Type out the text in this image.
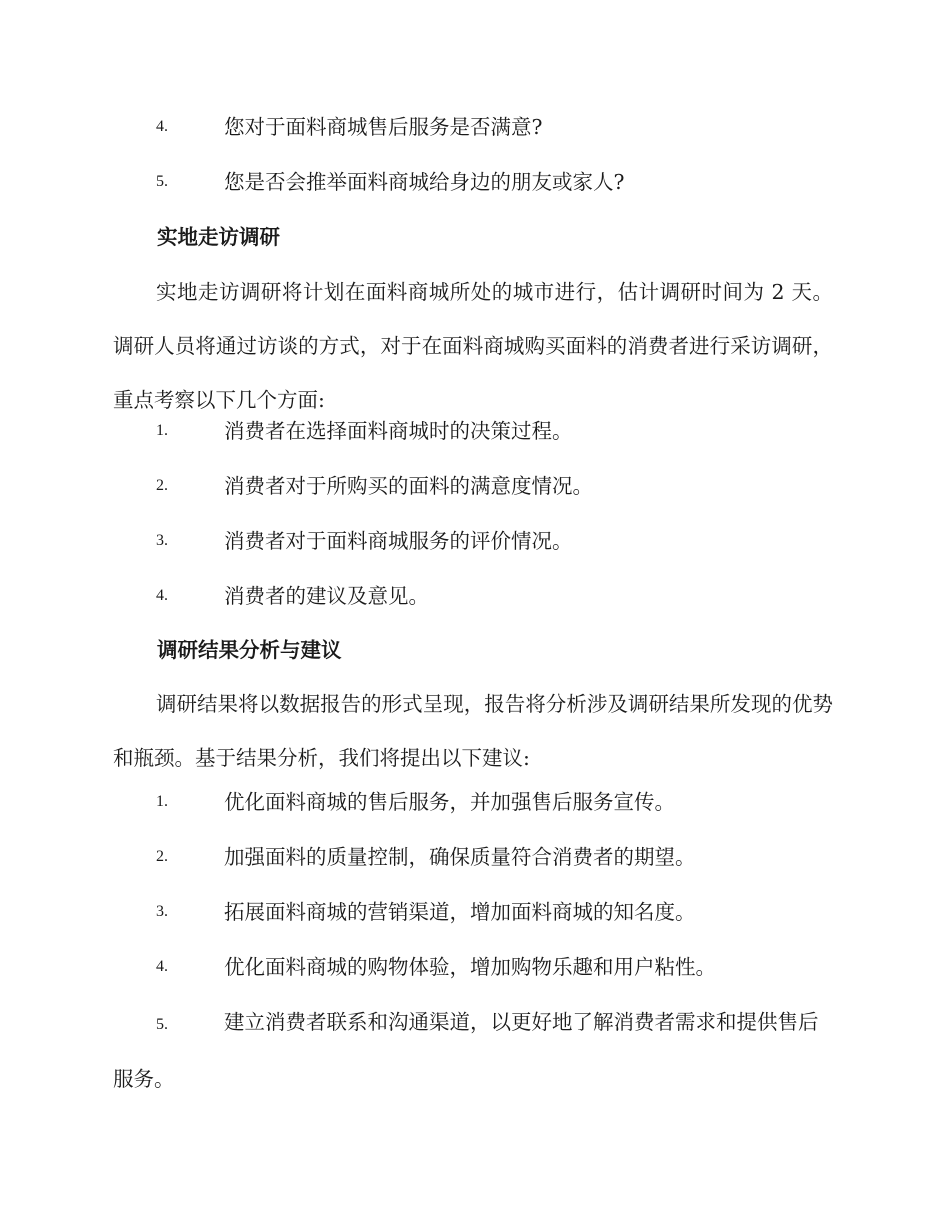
4.	您对于面料商城售后服务是否满意?
5.	您是否会推举面料商城给身边的朋友或家人?
实地走访调研

实地走访调研将计划在面料商城所处的城市进行，估计调研时间为 2 天。调研人员将通过访谈的方式，对于在面料商城购买面料的消费者进行采访调研，重点考察以下几个方面:

1.	消费者在选择面料商城时的决策过程。
2.	消费者对于所购买的面料的满意度情况。
3.	消费者对于面料商城服务的评价情况。
4.	消费者的建议及意见。
调研结果分析与建议

调研结果将以数据报告的形式呈现，报告将分析涉及调研结果所发现的优势和瓶颈。基于结果分析，我们将提出以下建议:

1.	优化面料商城的售后服务，并加强售后服务宣传。
2.	加强面料的质量控制，确保质量符合消费者的期望。
3.	拓展面料商城的营销渠道，增加面料商城的知名度。
4.	优化面料商城的购物体验，增加购物乐趣和用户粘性。

5.	建立消费者联系和沟通渠道，以更好地了解消费者需求和提供售后服务。
